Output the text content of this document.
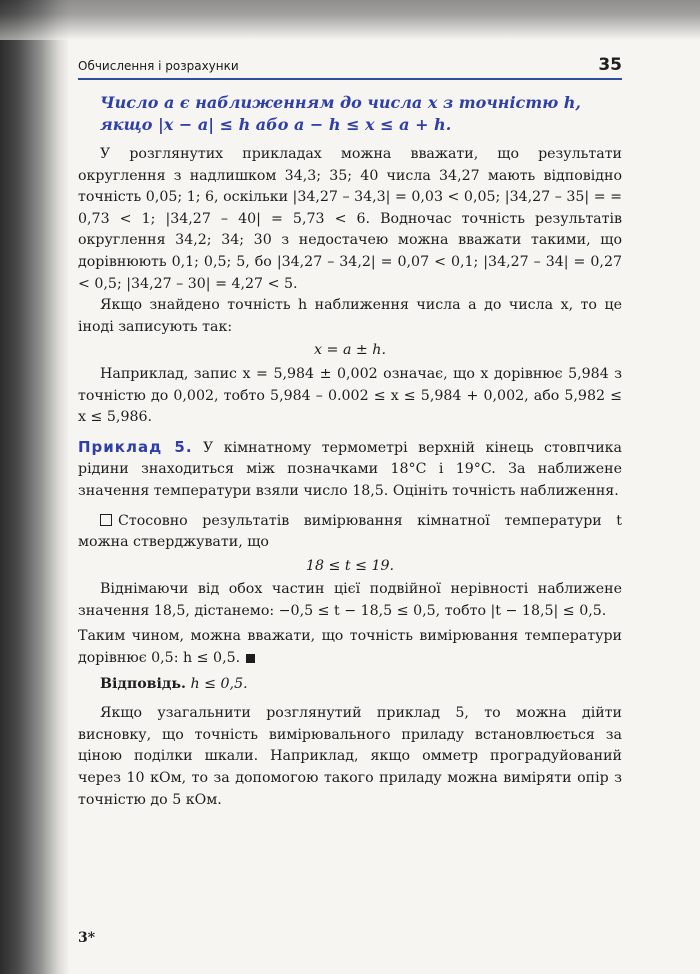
Обчислення і розрахунки	35
Число a є наближенням до числа x з точністю h,
якщо |x − a| ≤ h або a − h ≤ x ≤ a + h.

У розглянутих прикладах можна вважати, що результати округлення з надлишком 34,3; 35; 40 числа 34,27 мають відповідно точність 0,05; 1; 6, оскільки |34,27 – 34,3| = 0,03 < 0,05; |34,27 – 35| = = 0,73 < 1; |34,27 – 40| = 5,73 < 6. Водночас точність результатів округлення 34,2; 34; 30 з недостачею можна вважати такими, що дорівнюють 0,1; 0,5; 5, бо |34,27 – 34,2| = 0,07 < 0,1; |34,27 – 34| = 0,27 < 0,5; |34,27 – 30| = 4,27 < 5.

Якщо знайдено точність h наближення числа a до числа x, то це іноді записують так:

x = a ± h.

Наприклад, запис x = 5,984 ± 0,002 означає, що x дорівнює 5,984 з точністю до 0,002, тобто 5,984 – 0.002 ≤ x ≤ 5,984 + 0,002, або 5,982 ≤ x ≤ 5,986.

Приклад 5. У кімнатному термометрі верхній кінець стовпчика рідини знаходиться між позначками 18°C і 19°C. За наближене значення температури взяли число 18,5. Оцініть точність наближення.

Стосовно результатів вимірювання кімнатної температури t можна стверджувати, що

18 ≤ t ≤ 19.

Віднімаючи від обох частин цієї подвійної нерівності наближене значення 18,5, дістанемо: −0,5 ≤ t − 18,5 ≤ 0,5, тобто |t − 18,5| ≤ 0,5.

Таким чином, можна вважати, що точність вимірювання температури дорівнює 0,5: h ≤ 0,5.

Відповідь. h ≤ 0,5.

Якщо узагальнити розглянутий приклад 5, то можна дійти висновку, що точність вимірювального приладу встановлюється за ціною поділки шкали. Наприклад, якщо омметр проградуйований через 10 кОм, то за допомогою такого приладу можна виміряти опір з точністю до 5 кОм.

3*
